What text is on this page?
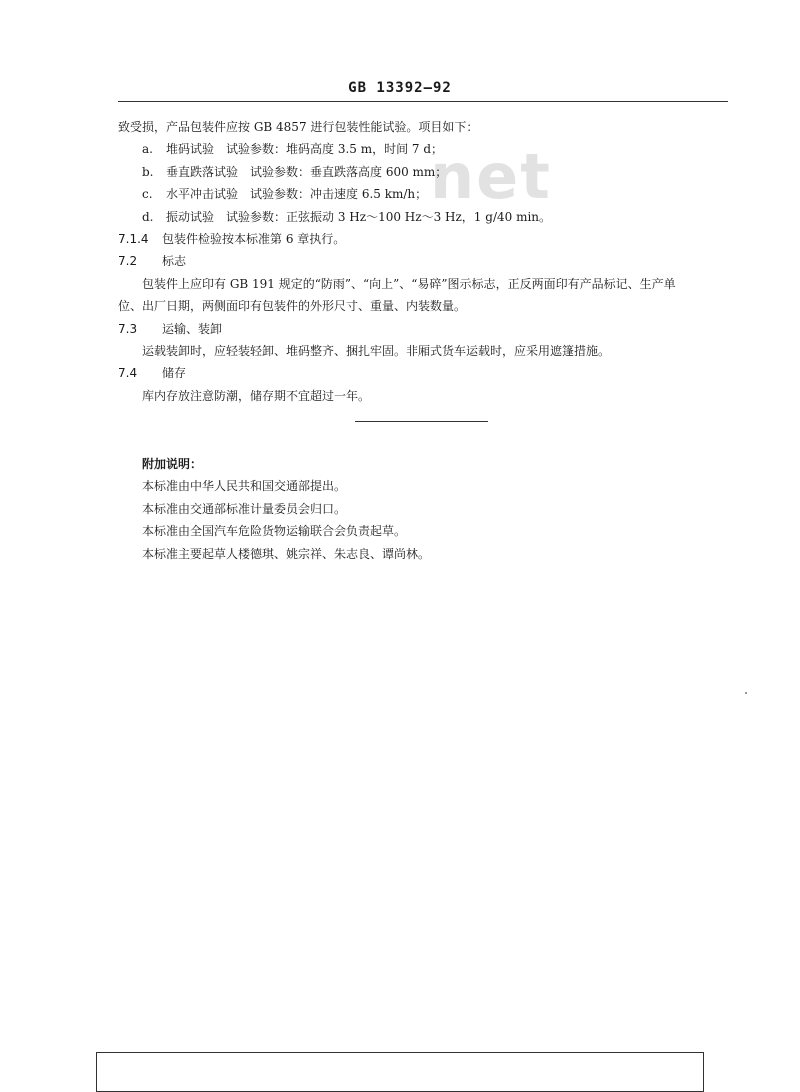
GB 13392—92
net
致受损，产品包装件应按 GB 4857 进行包装性能试验。项目如下：
a. 堆码试验 试验参数：堆码高度 3.5 m，时间 7 d；
b. 垂直跌落试验 试验参数：垂直跌落高度 600 mm；
c. 水平冲击试验 试验参数：冲击速度 6.5 km/h；
d. 振动试验 试验参数：正弦振动 3 Hz～100 Hz～3 Hz，1 g/40 min。
7.1.4 包装件检验按本标准第 6 章执行。
7.2 标志
包装件上应印有 GB 191 规定的“防雨”、“向上”、“易碎”图示标志，正反两面印有产品标记、生产单
位、出厂日期，两侧面印有包装件的外形尺寸、重量、内装数量。
7.3 运输、装卸
运载装卸时，应轻装轻卸、堆码整齐、捆扎牢固。非厢式货车运载时，应采用遮篷措施。
7.4 储存
库内存放注意防潮，储存期不宜超过一年。
附加说明：
本标准由中华人民共和国交通部提出。
本标准由交通部标准计量委员会归口。
本标准由全国汽车危险货物运输联合会负责起草。
本标准主要起草人楼德琪、姚宗祥、朱志良、谭尚林。
